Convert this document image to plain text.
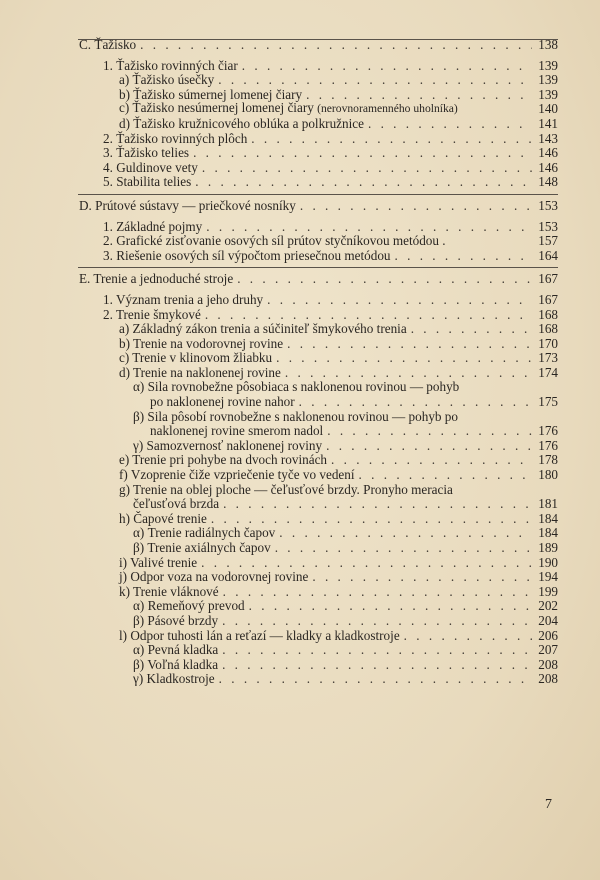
C. Ťažisko . . .	138
1. Ťažisko rovinných čiar . . .	139
a) Ťažisko úsečky . . .	139
b) Ťažisko súmernej lomenej čiary . . .	139
c) Ťažisko nesúmernej lomenej čiary (nerovnoramenného uholníka)	140
d) Ťažisko kružnicového oblúka a polkružnice . . .	141
2. Ťažisko rovinných plôch . . .	143
3. Ťažisko telies . . .	146
4. Guldinove vety . . .	146
5. Stabilita telies . . .	148
D. Prútové sústavy — priečkové nosníky . . .	153
1. Základné pojmy . . .	153
2. Grafické zisťovanie osových síl prútov styčníkovou metódou .	157
3. Riešenie osových síl výpočtom priesečnou metódou . . .	164
E. Trenie a jednoduché stroje . . .	167
1. Význam trenia a jeho druhy . . .	167
2. Trenie šmykové . . .	168
a) Základný zákon trenia a súčiniteľ šmykového trenia . . .	168
b) Trenie na vodorovnej rovine . . .	170
c) Trenie v klinovom žliabku . . .	173
d) Trenie na naklonenej rovine . . .	174
α) Sila rovnobežne pôsobiaca s naklonenou rovinou — pohyb
po naklonenej rovine nahor . . .	175
β) Sila pôsobí rovnobežne s naklonenou rovinou — pohyb po
naklonenej rovine smerom nadol . . .	176
γ) Samozvernosť naklonenej roviny . . .	176
e) Trenie pri pohybe na dvoch rovinách . . .	178
f) Vzoprenie čiže vzpriečenie tyče vo vedení . . .	180
g) Trenie na oblej ploche — čeľusťové brzdy. Pronyho meracia
čeľusťová brzda . . .	181
h) Čapové trenie . . .	184
α) Trenie radiálnych čapov . . .	184
β) Trenie axiálnych čapov . . .	189
i) Valivé trenie . . .	190
j) Odpor voza na vodorovnej rovine . . .	194
k) Trenie vláknové . . .	199
α) Remeňový prevod . . .	202
β) Pásové brzdy . . .	204
l) Odpor tuhosti lán a reťazí — kladky a kladkostroje . . .	206
α) Pevná kladka . . .	207
β) Voľná kladka . . .	208
γ) Kladkostroje . . .	208
7
